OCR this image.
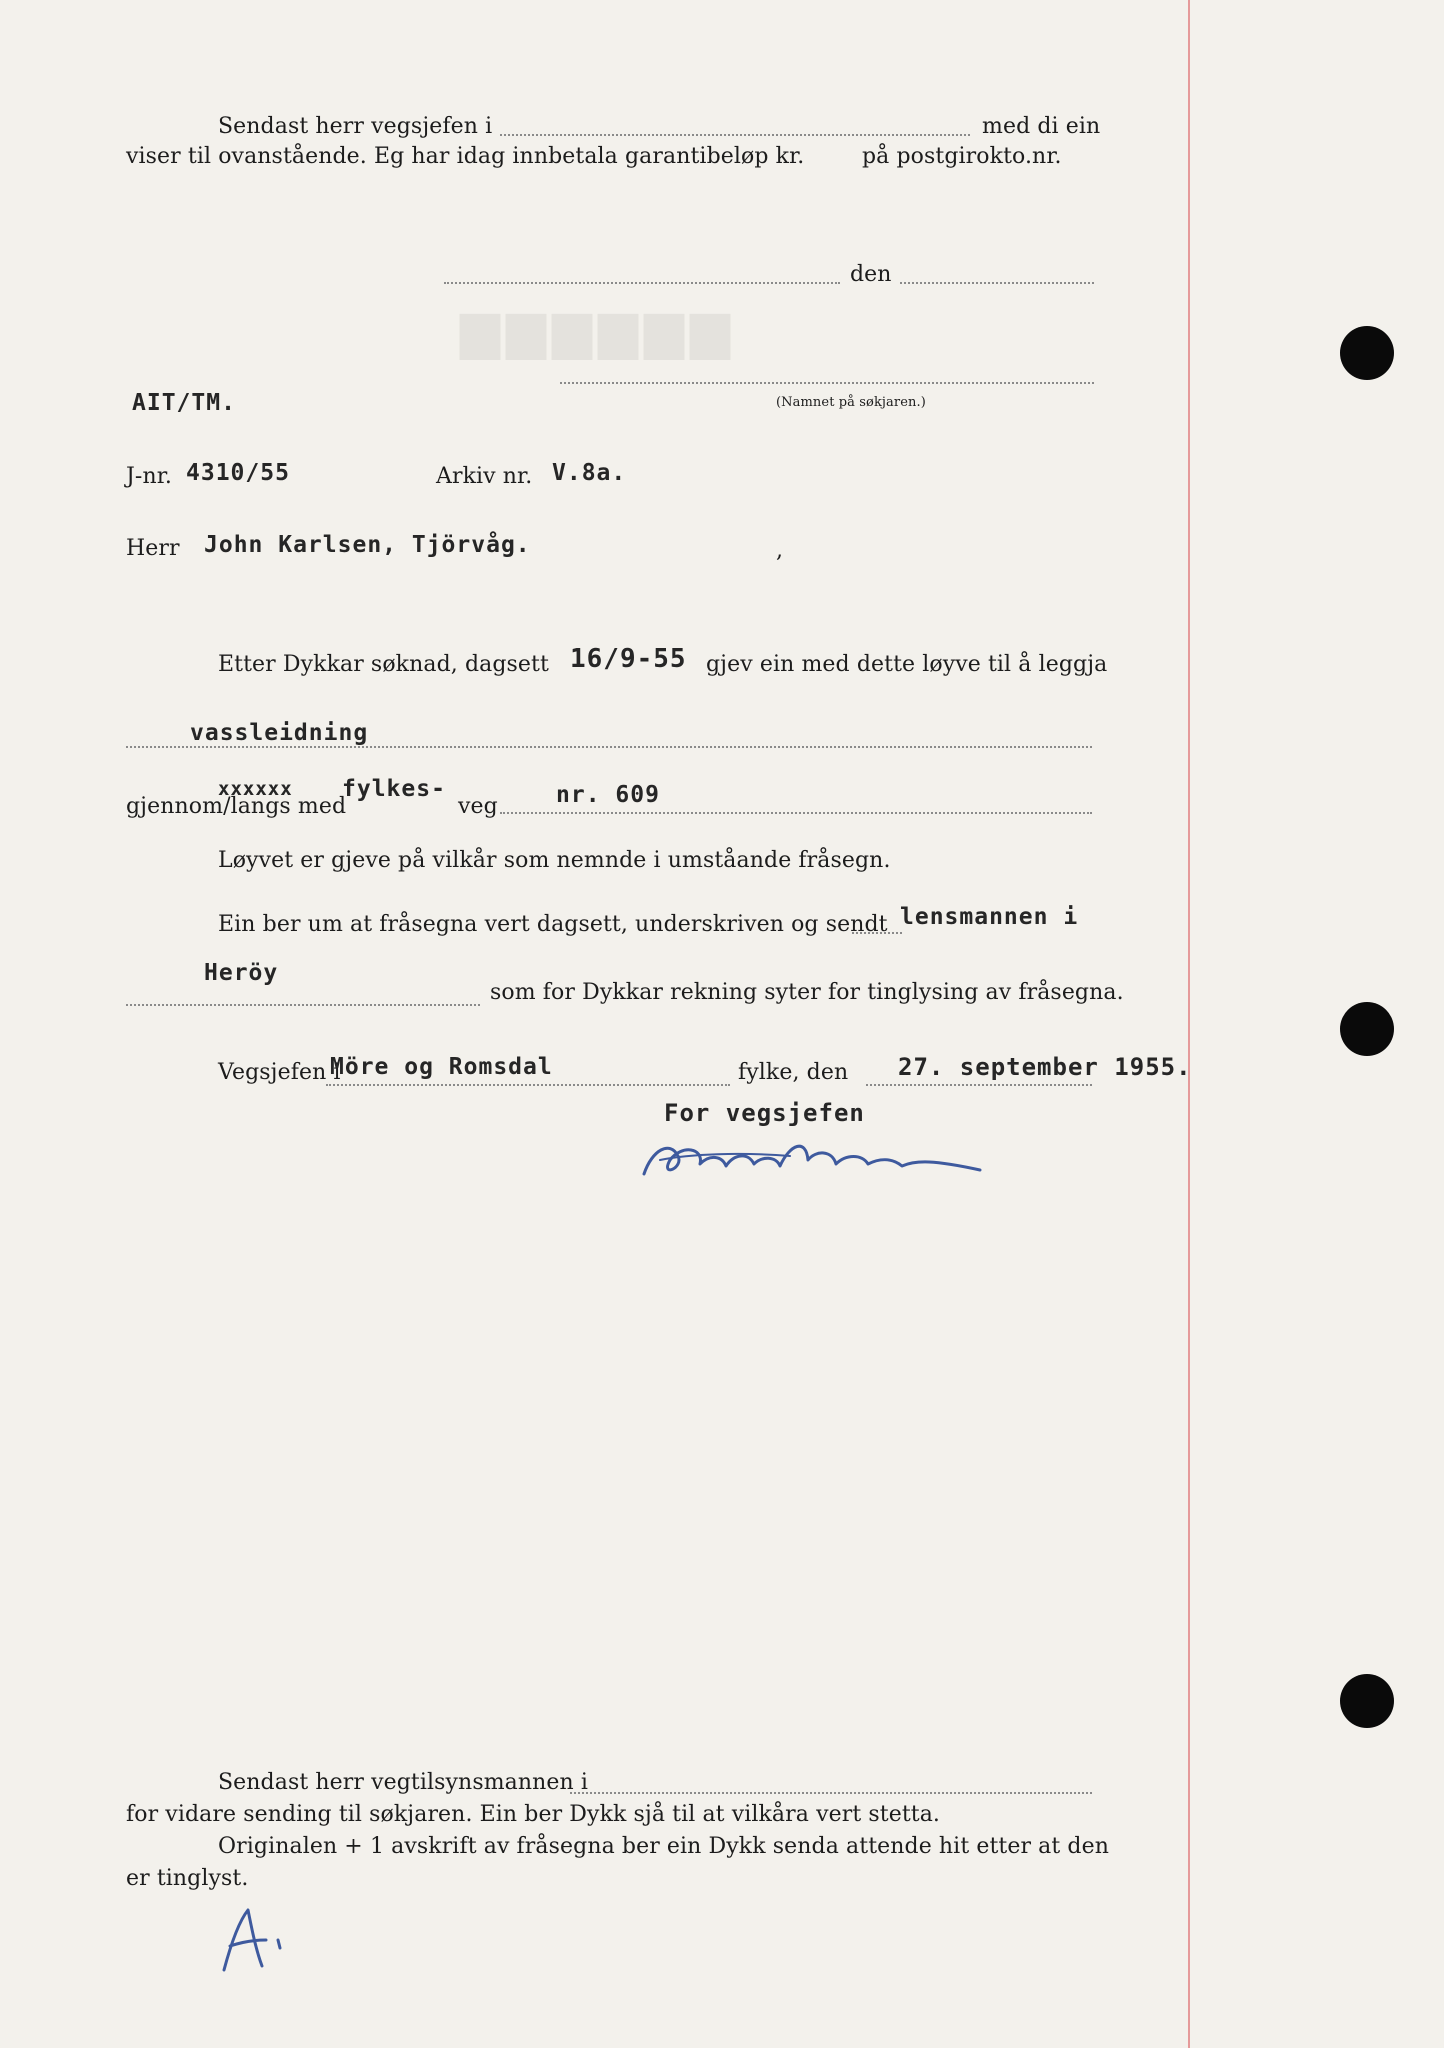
▆▆▆▆▆▆
Sendast herr vegsjefen i	med di ein
viser til ovanstående. Eg har idag innbetala garantibeløp kr.	på postgirokto.nr.
den
(Namnet på søkjaren.)
AIT/TM.
J-nr. 4310/55	Arkiv nr. V.8a.
Herr John Karlsen, Tjörvåg.	,
Etter Dykkar søknad, dagsett 16/9-55 gjev ein med dette løyve til å leggja
vassleidning
gjennom/langs med
xxxxxx fylkes-
veg	nr. 609
Løyvet er gjeve på vilkår som nemnde i umståande fråsegn.
Ein ber um at fråsegna vert dagsett, underskriven og sendt lensmannen i
Heröy
som for Dykkar rekning syter for tinglysing av fråsegna.
Vegsjefen i
Möre og Romsdal	fylke, den 27. september 1955.
For vegsjefen
Sendast herr vegtilsynsmannen i
for vidare sending til søkjaren. Ein ber Dykk sjå til at vilkåra vert stetta.
Originalen + 1 avskrift av fråsegna ber ein Dykk senda attende hit etter at den
er tinglyst.
